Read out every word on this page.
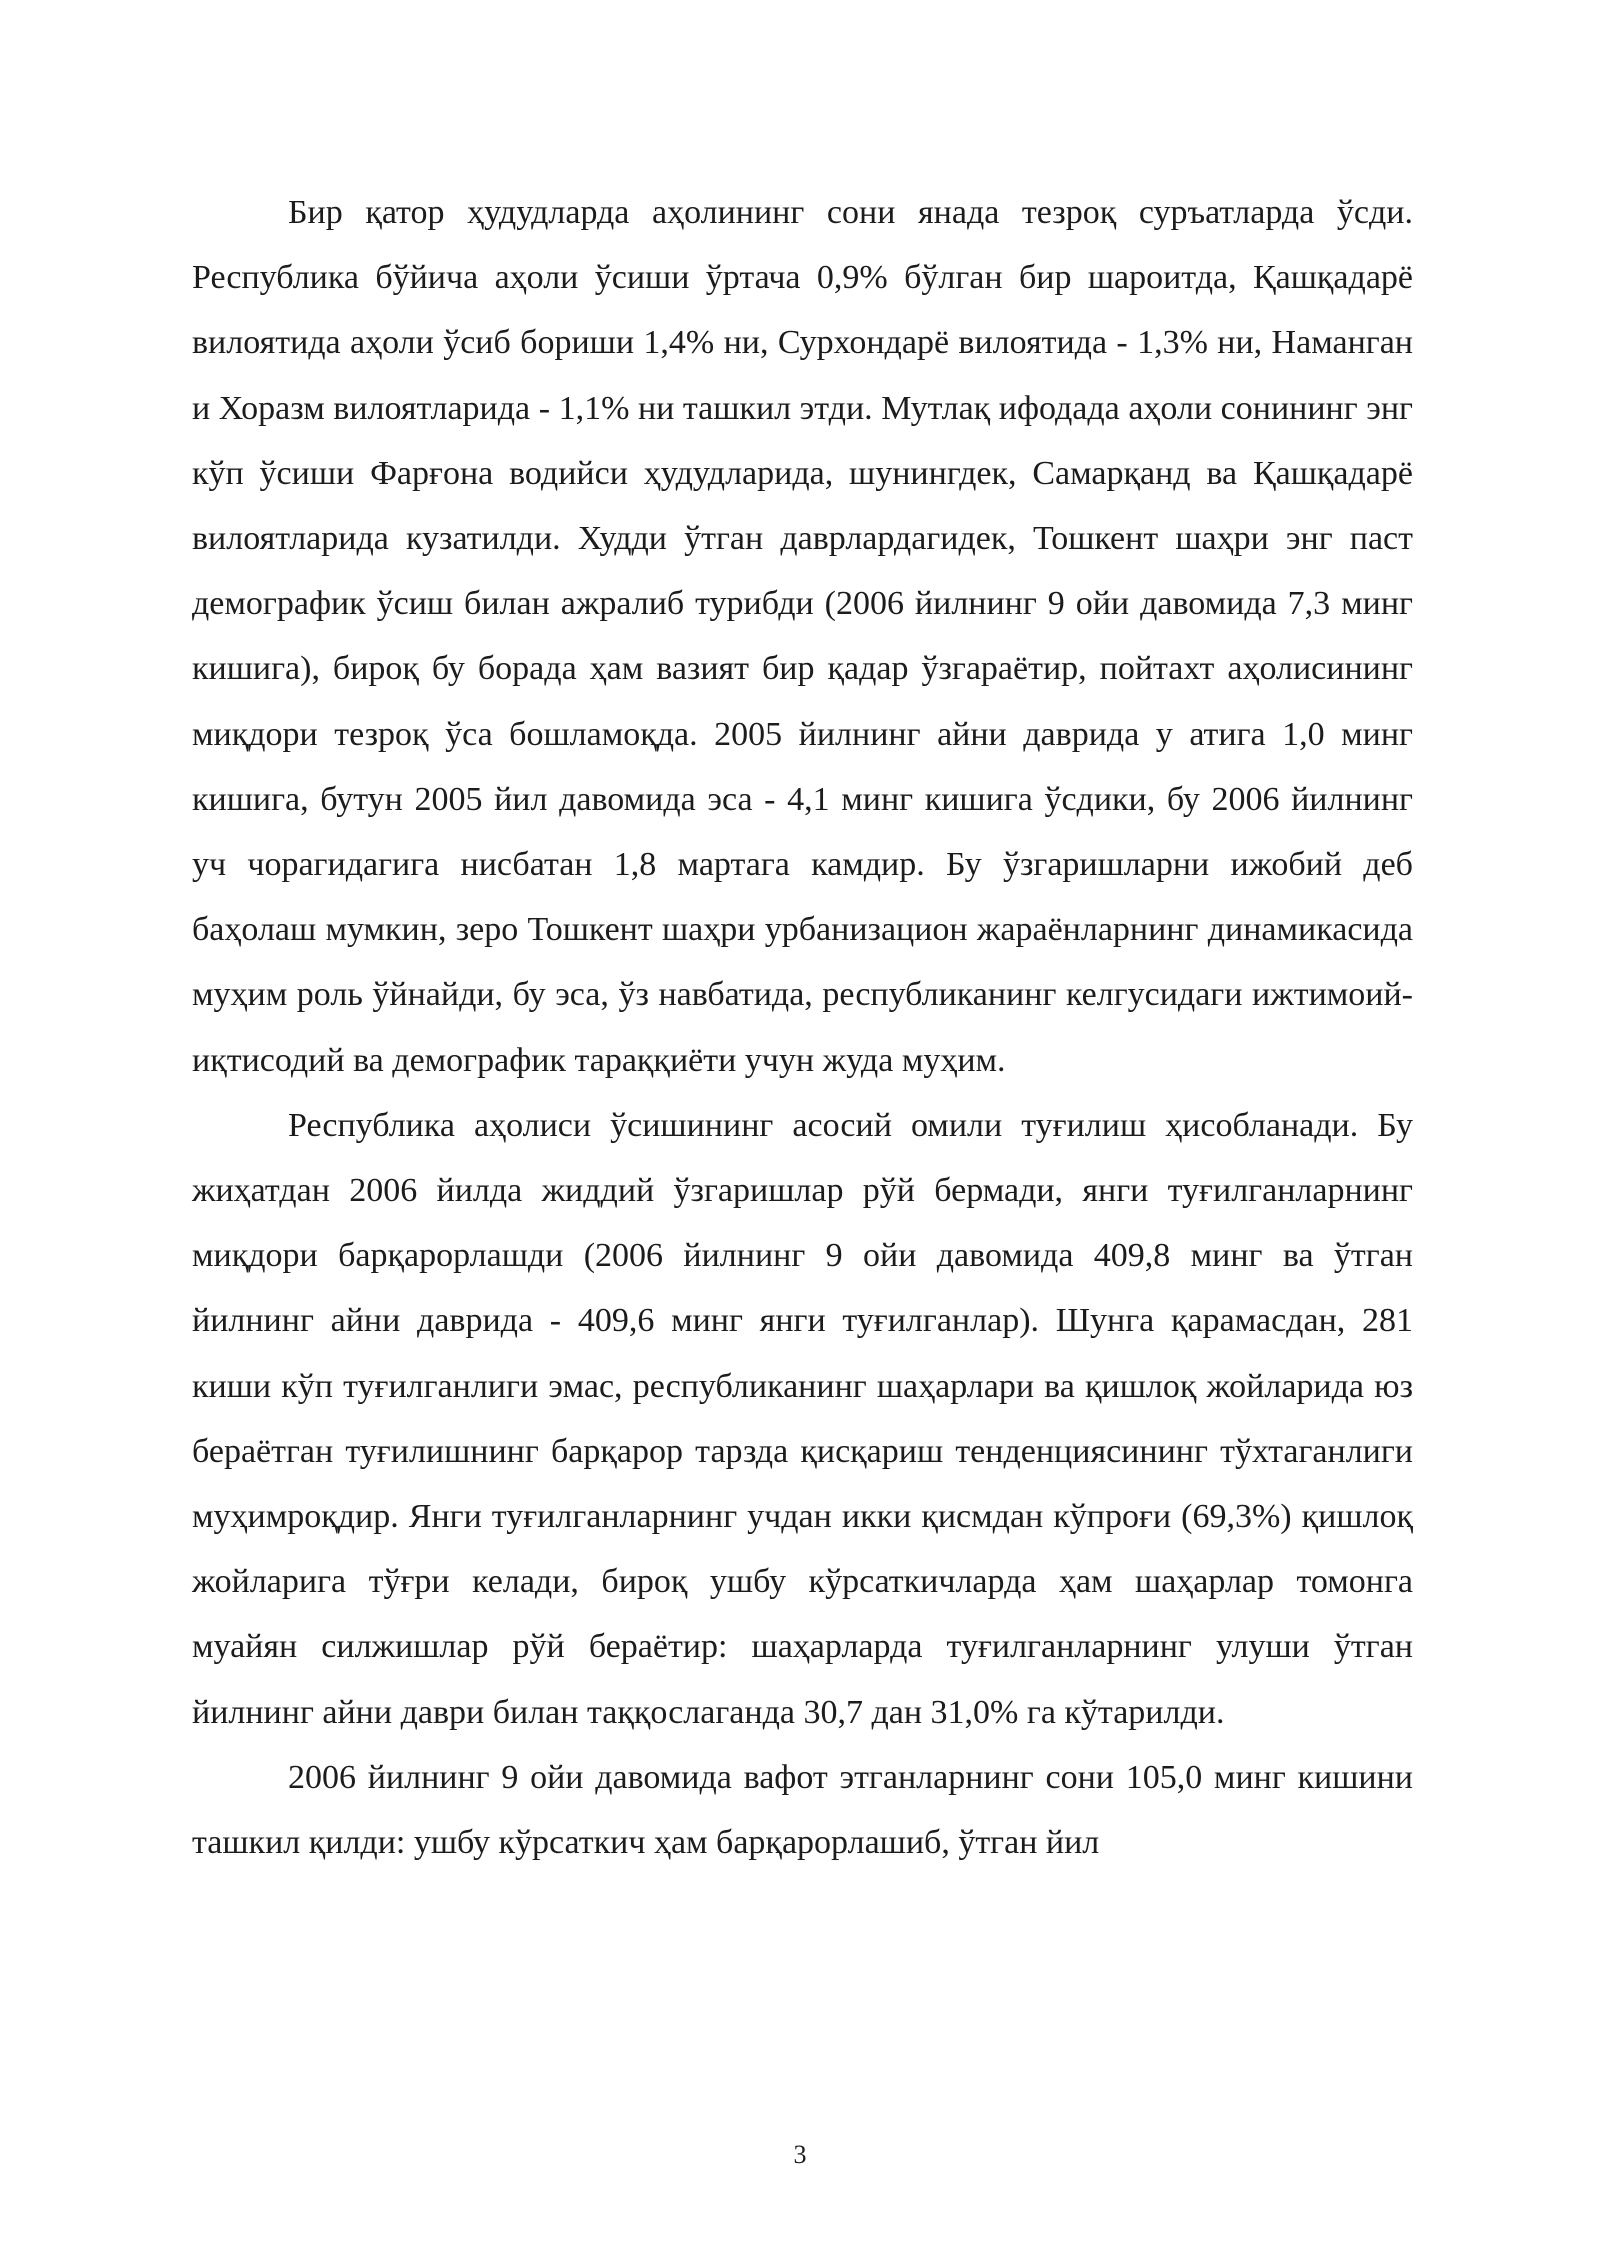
Бир қатор ҳудудларда аҳолининг сони янада тезроқ суръатларда ўсди. Республика бўйича аҳоли ўсиши ўртача 0,9% бўлган бир шароитда, Қашқадарё вилоятида аҳоли ўсиб бориши 1,4% ни, Сурхондарё вилоятида - 1,3% ни, Наманган и Хоразм вилоятларида - 1,1% ни ташкил этди. Мутлақ ифодада аҳоли сонининг энг кўп ўсиши Фарғона водийси ҳудудларида, шунингдек, Самарқанд ва Қашқадарё вилоятларида кузатилди. Худди ўтган даврлардагидек, Тошкент шаҳри энг паст демографик ўсиш билан ажралиб турибди (2006 йилнинг 9 ойи давомида 7,3 минг кишига), бироқ бу борада ҳам вазият бир қадар ўзгараётир, пойтахт аҳолисининг миқдори тезроқ ўса бошламоқда. 2005 йилнинг айни даврида у атига 1,0 минг кишига, бутун 2005 йил давомида эса - 4,1 минг кишига ўсдики, бу 2006 йилнинг уч чорагидагига нисбатан 1,8 мартага камдир. Бу ўзгаришларни ижобий деб баҳолаш мумкин, зеро Тошкент шаҳри урбанизацион жараёнларнинг динамикасида муҳим роль ўйнайди, бу эса, ўз навбатида, республиканинг келгусидаги ижтимоий-иқтисодий ва демографик тараққиёти учун жуда муҳим.

Республика аҳолиси ўсишининг асосий омили туғилиш ҳисобланади. Бу жиҳатдан 2006 йилда жиддий ўзгаришлар рўй бермади, янги туғилганларнинг миқдори барқарорлашди (2006 йилнинг 9 ойи давомида 409,8 минг ва ўтган йилнинг айни даврида - 409,6 минг янги туғилганлар). Шунга қарамасдан, 281 киши кўп туғилганлиги эмас, республиканинг шаҳарлари ва қишлоқ жойларида юз бераётган туғилишнинг барқарор тарзда қисқариш тенденциясининг тўхтаганлиги муҳимроқдир. Янги туғилганларнинг учдан икки қисмдан кўпроғи (69,3%) қишлоқ жойларига тўғри келади, бироқ ушбу кўрсаткичларда ҳам шаҳарлар томонга муайян силжишлар рўй бераётир: шаҳарларда туғилганларнинг улуши ўтган йилнинг айни даври билан таққослаганда 30,7 дан 31,0% га кўтарилди.

2006 йилнинг 9 ойи давомида вафот этганларнинг сони 105,0 минг кишини ташкил қилди: ушбу кўрсаткич ҳам барқарорлашиб, ўтган йил

3
